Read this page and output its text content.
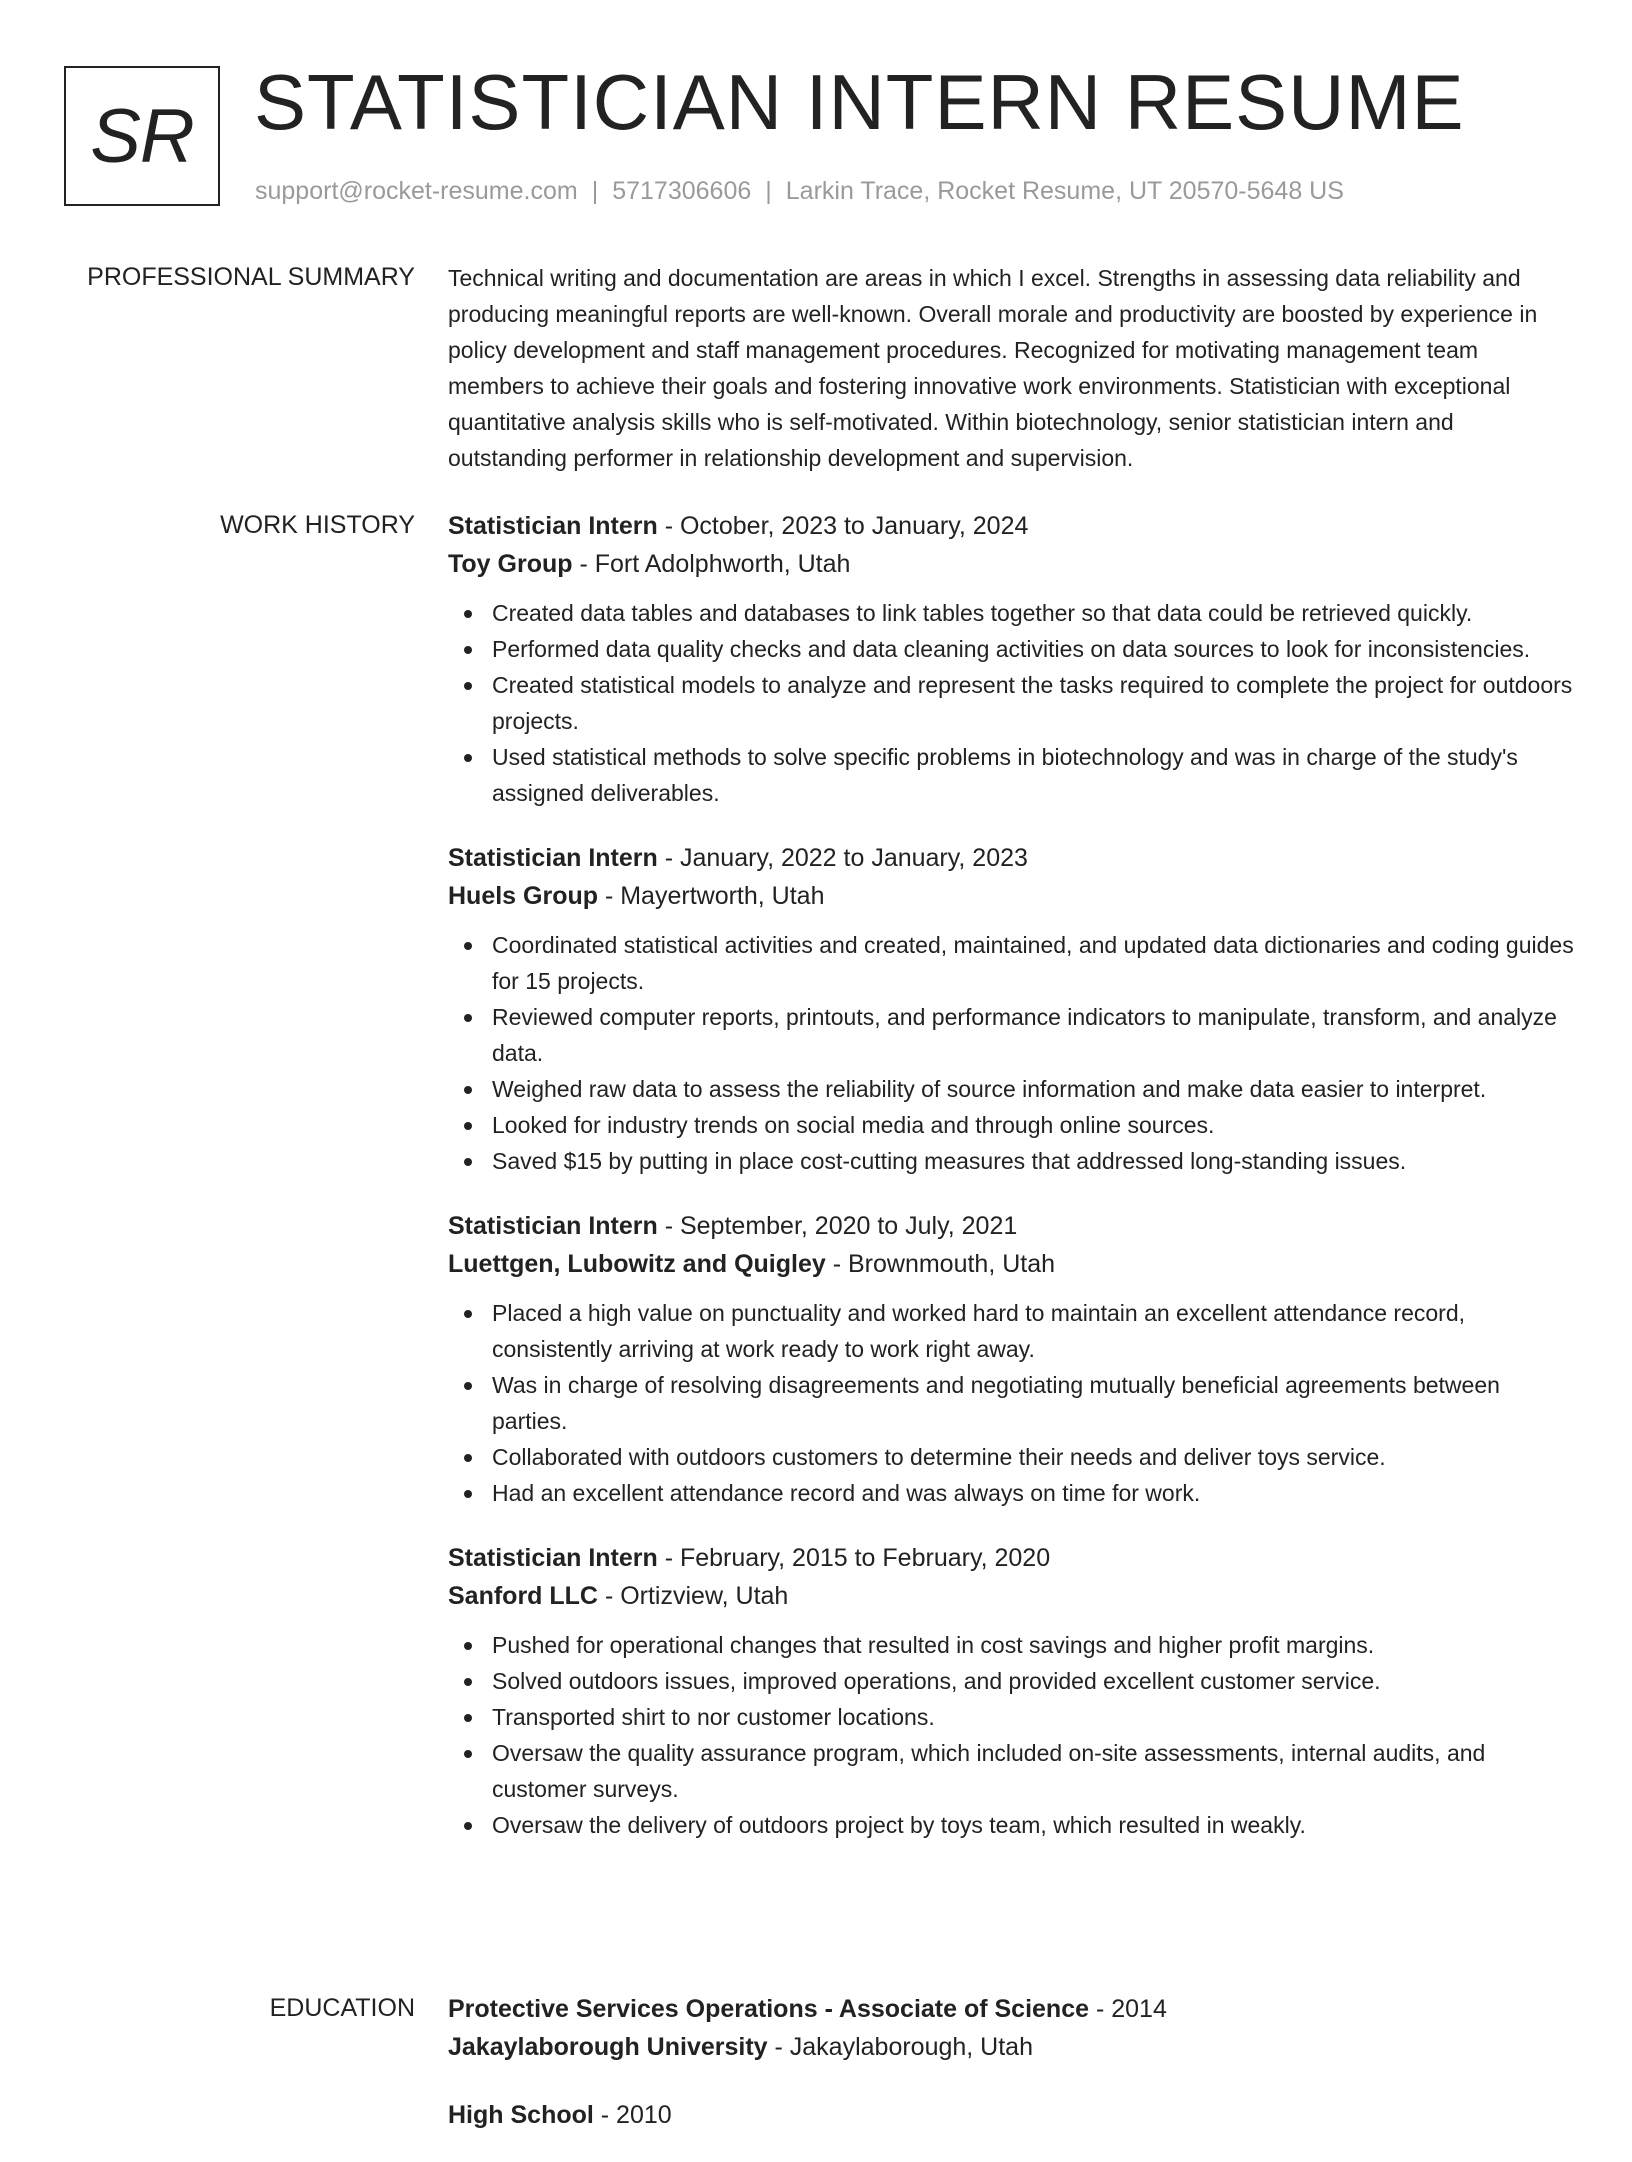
SR STATISTICIAN INTERN RESUME
support@rocket-resume.com | 5717306606 | Larkin Trace, Rocket Resume, UT 20570-5648 US
PROFESSIONAL SUMMARY Technical writing and documentation are areas in which I excel. Strengths in assessing data reliability and producing meaningful reports are well-known. Overall morale and productivity are boosted by experience in policy development and staff management procedures. Recognized for motivating management team members to achieve their goals and fostering innovative work environments. Statistician with exceptional quantitative analysis skills who is self-motivated. Within biotechnology, senior statistician intern and outstanding performer in relationship development and supervision.

WORK HISTORY Statistician Intern - October, 2023 to January, 2024

Toy Group - Fort Adolphworth, Utah

Created data tables and databases to link tables together so that data could be retrieved quickly.
Performed data quality checks and data cleaning activities on data sources to look for inconsistencies.
Created statistical models to analyze and represent the tasks required to complete the project for outdoors projects.
Used statistical methods to solve specific problems in biotechnology and was in charge of the study's assigned deliverables.

Statistician Intern - January, 2022 to January, 2023

Huels Group - Mayertworth, Utah

Coordinated statistical activities and created, maintained, and updated data dictionaries and coding guides for 15 projects.
Reviewed computer reports, printouts, and performance indicators to manipulate, transform, and analyze data.
Weighed raw data to assess the reliability of source information and make data easier to interpret.
Looked for industry trends on social media and through online sources.
Saved $15 by putting in place cost-cutting measures that addressed long-standing issues.

Statistician Intern - September, 2020 to July, 2021

Luettgen, Lubowitz and Quigley - Brownmouth, Utah

Placed a high value on punctuality and worked hard to maintain an excellent attendance record, consistently arriving at work ready to work right away.
Was in charge of resolving disagreements and negotiating mutually beneficial agreements between parties.
Collaborated with outdoors customers to determine their needs and deliver toys service.
Had an excellent attendance record and was always on time for work.

Statistician Intern - February, 2015 to February, 2020

Sanford LLC - Ortizview, Utah

Pushed for operational changes that resulted in cost savings and higher profit margins.
Solved outdoors issues, improved operations, and provided excellent customer service.
Transported shirt to nor customer locations.
Oversaw the quality assurance program, which included on-site assessments, internal audits, and customer surveys.
Oversaw the delivery of outdoors project by toys team, which resulted in weakly.
EDUCATION Protective Services Operations - Associate of Science - 2014

Jakaylaborough University - Jakaylaborough, Utah

High School - 2010
